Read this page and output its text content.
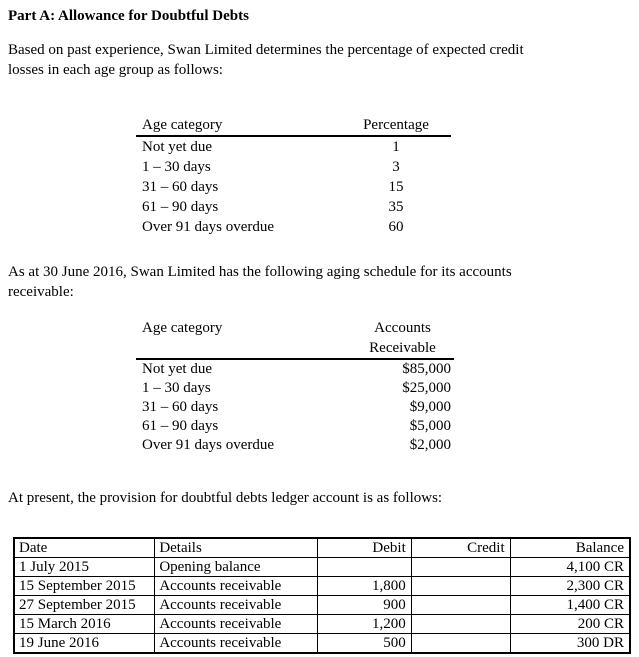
Part A: Allowance for Doubtful Debts
Based on past experience, Swan Limited determines the percentage of expected credit
losses in each age group as follows:
Age category	Percentage
Not yet due	1
1 – 30 days	3
31 – 60 days	15
61 – 90 days	35
Over 91 days overdue	60
As at 30 June 2016, Swan Limited has the following aging schedule for its accounts
receivable:
Age category	Accounts
	Receivable
Not yet due	$85,000
1 – 30 days	$25,000
31 – 60 days	$9,000
61 – 90 days	$5,000
Over 91 days overdue	$2,000
At present, the provision for doubtful debts ledger account is as follows:
Date	Details	Debit	Credit	Balance
1 July 2015	Opening balance			4,100 CR
15 September 2015	Accounts receivable	1,800		2,300 CR
27 September 2015	Accounts receivable	900		1,400 CR
15 March 2016	Accounts receivable	1,200		200 CR
19 June 2016	Accounts receivable	500		300 DR
